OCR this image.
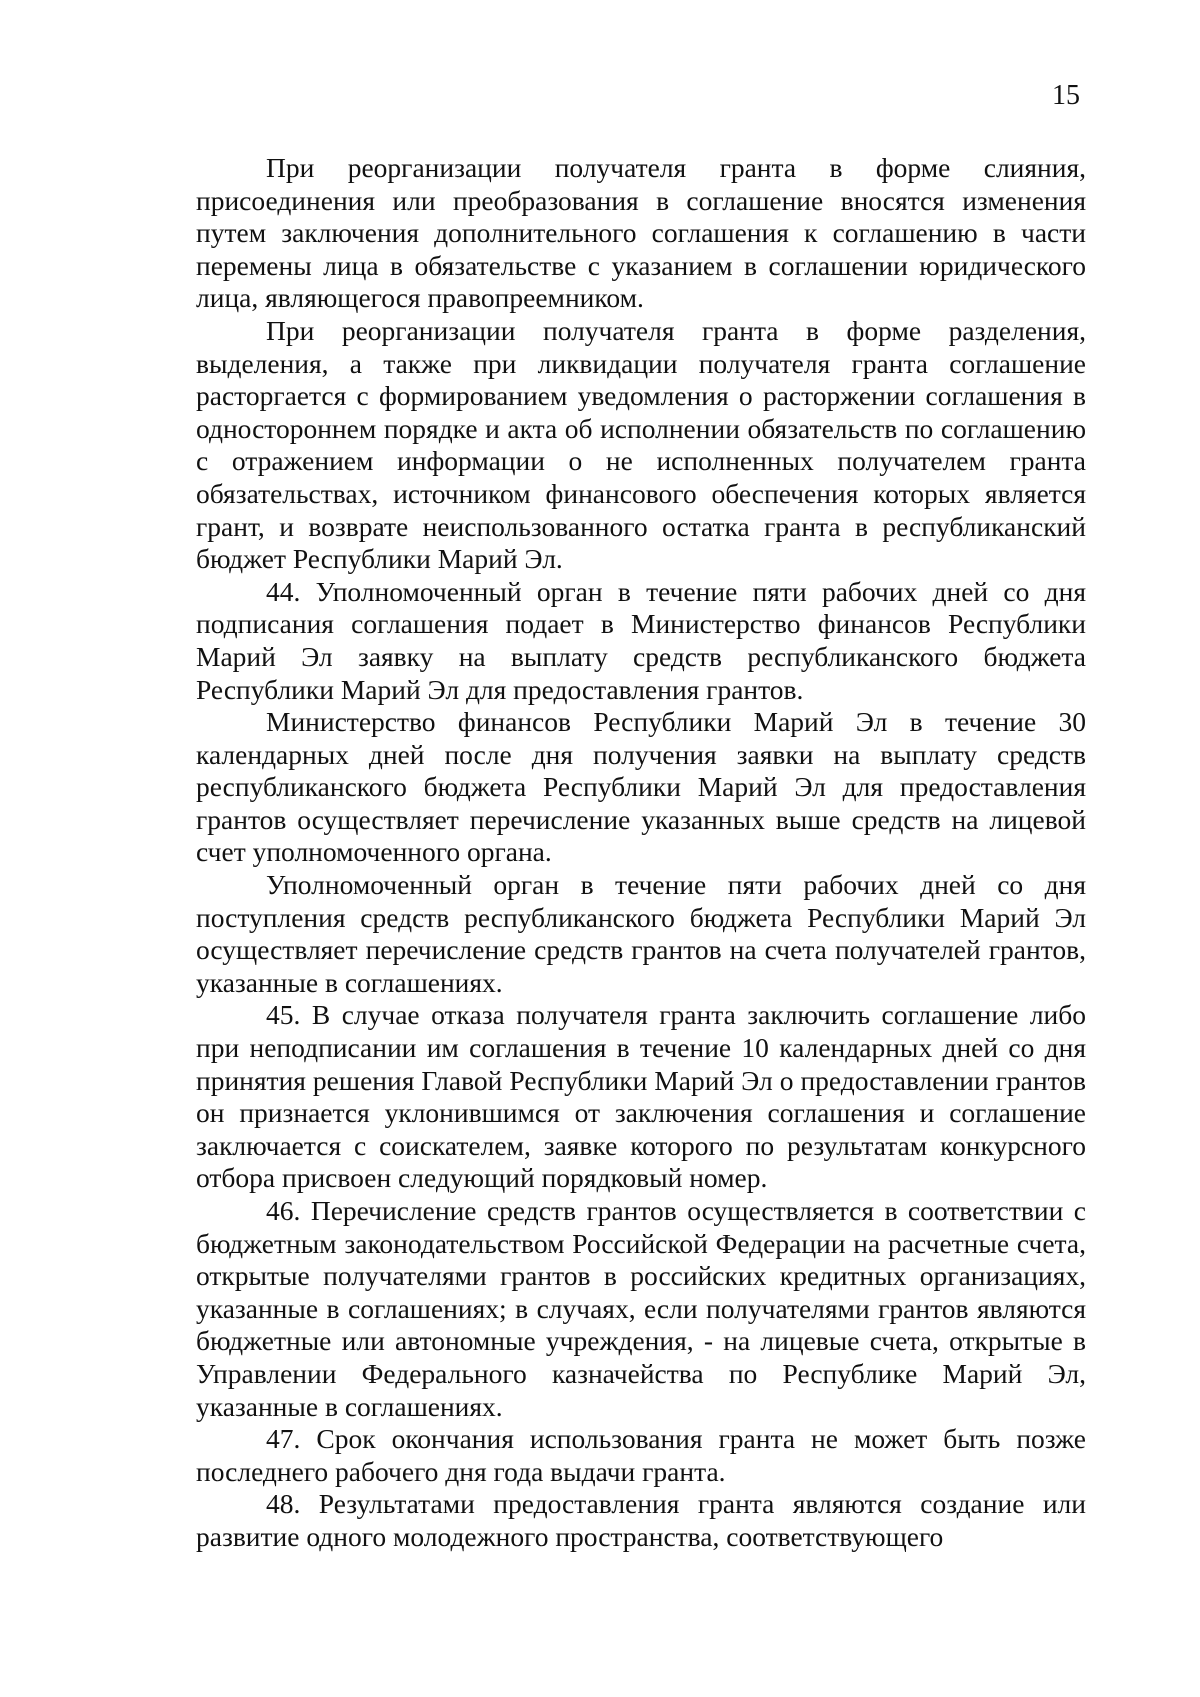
15

При реорганизации получателя гранта в форме слияния, присоединения или преобразования в соглашение вносятся изменения путем заключения дополнительного соглашения к соглашению в части перемены лица в обязательстве с указанием в соглашении юридического лица, являющегося правопреемником.

При реорганизации получателя гранта в форме разделения, выделения, а также при ликвидации получателя гранта соглашение расторгается с формированием уведомления о расторжении соглашения в одностороннем порядке и акта об исполнении обязательств по соглашению с отражением информации о не исполненных получателем гранта обязательствах, источником финансового обеспечения которых является грант, и возврате неиспользованного остатка гранта в республиканский бюджет Республики Марий Эл.

44. Уполномоченный орган в течение пяти рабочих дней со дня подписания соглашения подает в Министерство финансов Республики Марий Эл заявку на выплату средств республиканского бюджета Республики Марий Эл для предоставления грантов.

Министерство финансов Республики Марий Эл в течение 30 календарных дней после дня получения заявки на выплату средств республиканского бюджета Республики Марий Эл для предоставления грантов осуществляет перечисление указанных выше средств на лицевой счет уполномоченного органа.

Уполномоченный орган в течение пяти рабочих дней со дня поступления средств республиканского бюджета Республики Марий Эл осуществляет перечисление средств грантов на счета получателей грантов, указанные в соглашениях.

45. В случае отказа получателя гранта заключить соглашение либо при неподписании им соглашения в течение 10 календарных дней со дня принятия решения Главой Республики Марий Эл о предоставлении грантов он признается уклонившимся от заключения соглашения и соглашение заключается с соискателем, заявке которого по результатам конкурсного отбора присвоен следующий порядковый номер.

46. Перечисление средств грантов осуществляется в соответствии с бюджетным законодательством Российской Федерации на расчетные счета, открытые получателями грантов в российских кредитных организациях, указанные в соглашениях; в случаях, если получателями грантов являются бюджетные или автономные учреждения, - на лицевые счета, открытые в Управлении Федерального казначейства по Республике Марий Эл, указанные в соглашениях.

47. Срок окончания использования гранта не может быть позже последнего рабочего дня года выдачи гранта.

48. Результатами предоставления гранта являются создание или развитие одного молодежного пространства, соответствующего
